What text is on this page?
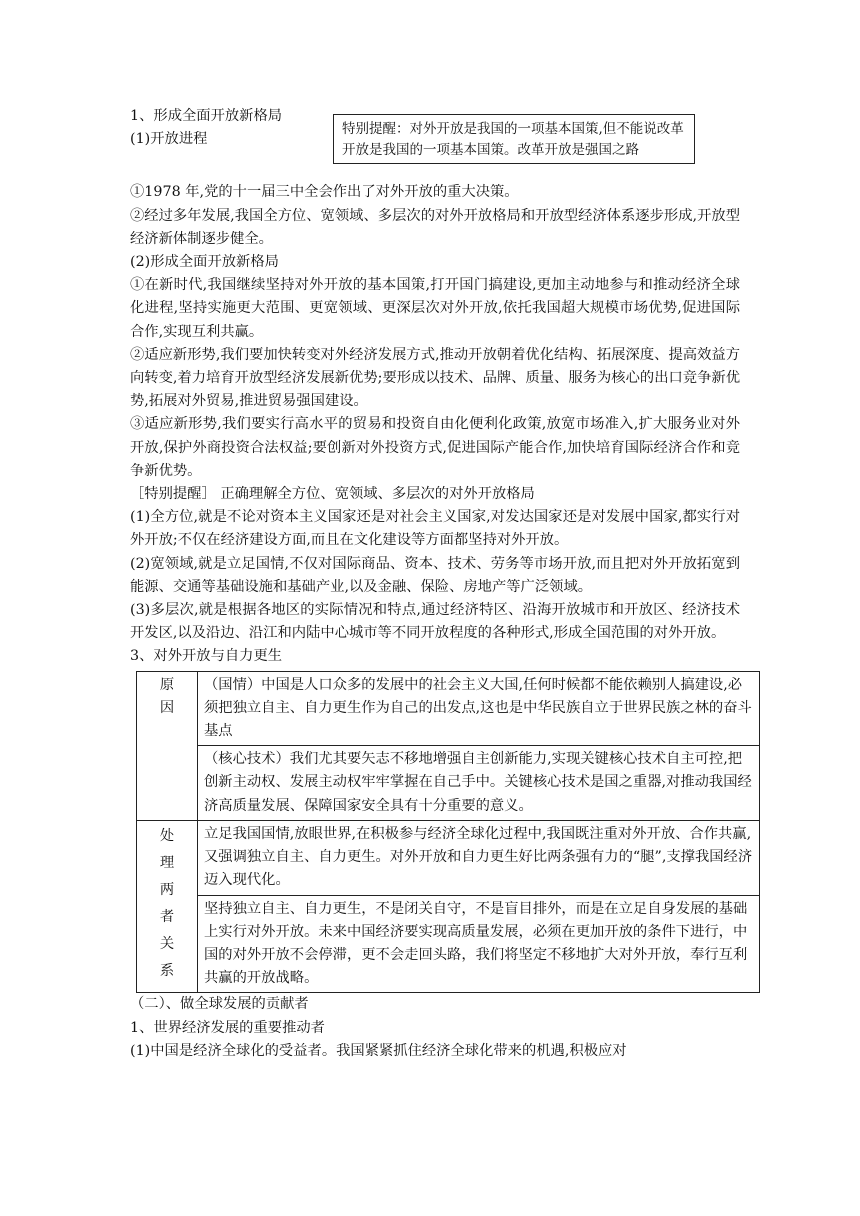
特别提醒：对外开放是我国的一项基本国策,但不能说改革开放是我国的一项基本国策。改革开放是强国之路

1、形成全面开放新格局

(1)开放进程

①1978 年,党的十一届三中全会作出了对外开放的重大决策。

②经过多年发展,我国全方位、宽领域、多层次的对外开放格局和开放型经济体系逐步形成,开放型经济新体制逐步健全。

(2)形成全面开放新格局

①在新时代,我国继续坚持对外开放的基本国策,打开国门搞建设,更加主动地参与和推动经济全球化进程,坚持实施更大范围、更宽领域、更深层次对外开放,依托我国超大规模市场优势,促进国际合作,实现互利共赢。

②适应新形势,我们要加快转变对外经济发展方式,推动开放朝着优化结构、拓展深度、提高效益方向转变,着力培育开放型经济发展新优势;要形成以技术、品牌、质量、服务为核心的出口竞争新优势,拓展对外贸易,推进贸易强国建设。

③适应新形势,我们要实行高水平的贸易和投资自由化便利化政策,放宽市场准入,扩大服务业对外开放,保护外商投资合法权益;要创新对外投资方式,促进国际产能合作,加快培育国际经济合作和竞争新优势。

［特别提醒］ 正确理解全方位、宽领域、多层次的对外开放格局

(1)全方位,就是不论对资本主义国家还是对社会主义国家,对发达国家还是对发展中国家,都实行对外开放;不仅在经济建设方面,而且在文化建设等方面都坚持对外开放。

(2)宽领域,就是立足国情,不仅对国际商品、资本、技术、劳务等市场开放,而且把对外开放拓宽到能源、交通等基础设施和基础产业,以及金融、保险、房地产等广泛领域。

(3)多层次,就是根据各地区的实际情况和特点,通过经济特区、沿海开放城市和开放区、经济技术开发区,以及沿边、沿江和内陆中心城市等不同开放程度的各种形式,形成全国范围的对外开放。

3、对外开放与自力更生

原因	（国情）中国是人口众多的发展中的社会主义大国,任何时候都不能依赖别人搞建设,必须把独立自主、自力更生作为自己的出发点,这也是中华民族自立于世界民族之林的奋斗基点
	（核心技术）我们尤其要矢志不移地增强自主创新能力,实现关键核心技术自主可控,把创新主动权、发展主动权牢牢掌握在自己手中。关键核心技术是国之重器,对推动我国经济高质量发展、保障国家安全具有十分重要的意义。

处理两者关系	立足我国国情,放眼世界,在积极参与经济全球化过程中,我国既注重对外开放、合作共赢,又强调独立自主、自力更生。对外开放和自力更生好比两条强有力的“腿”,支撑我国经济迈入现代化。
	坚持独立自主、自力更生，不是闭关自守，不是盲目排外，而是在立足自身发展的基础上实行对外开放。未来中国经济要实现高质量发展，必须在更加开放的条件下进行，中国的对外开放不会停滞，更不会走回头路，我们将坚定不移地扩大对外开放，奉行互利共赢的开放战略。

（二）、做全球发展的贡献者

1、世界经济发展的重要推动者

(1)中国是经济全球化的受益者。我国紧紧抓住经济全球化带来的机遇,积极应对
